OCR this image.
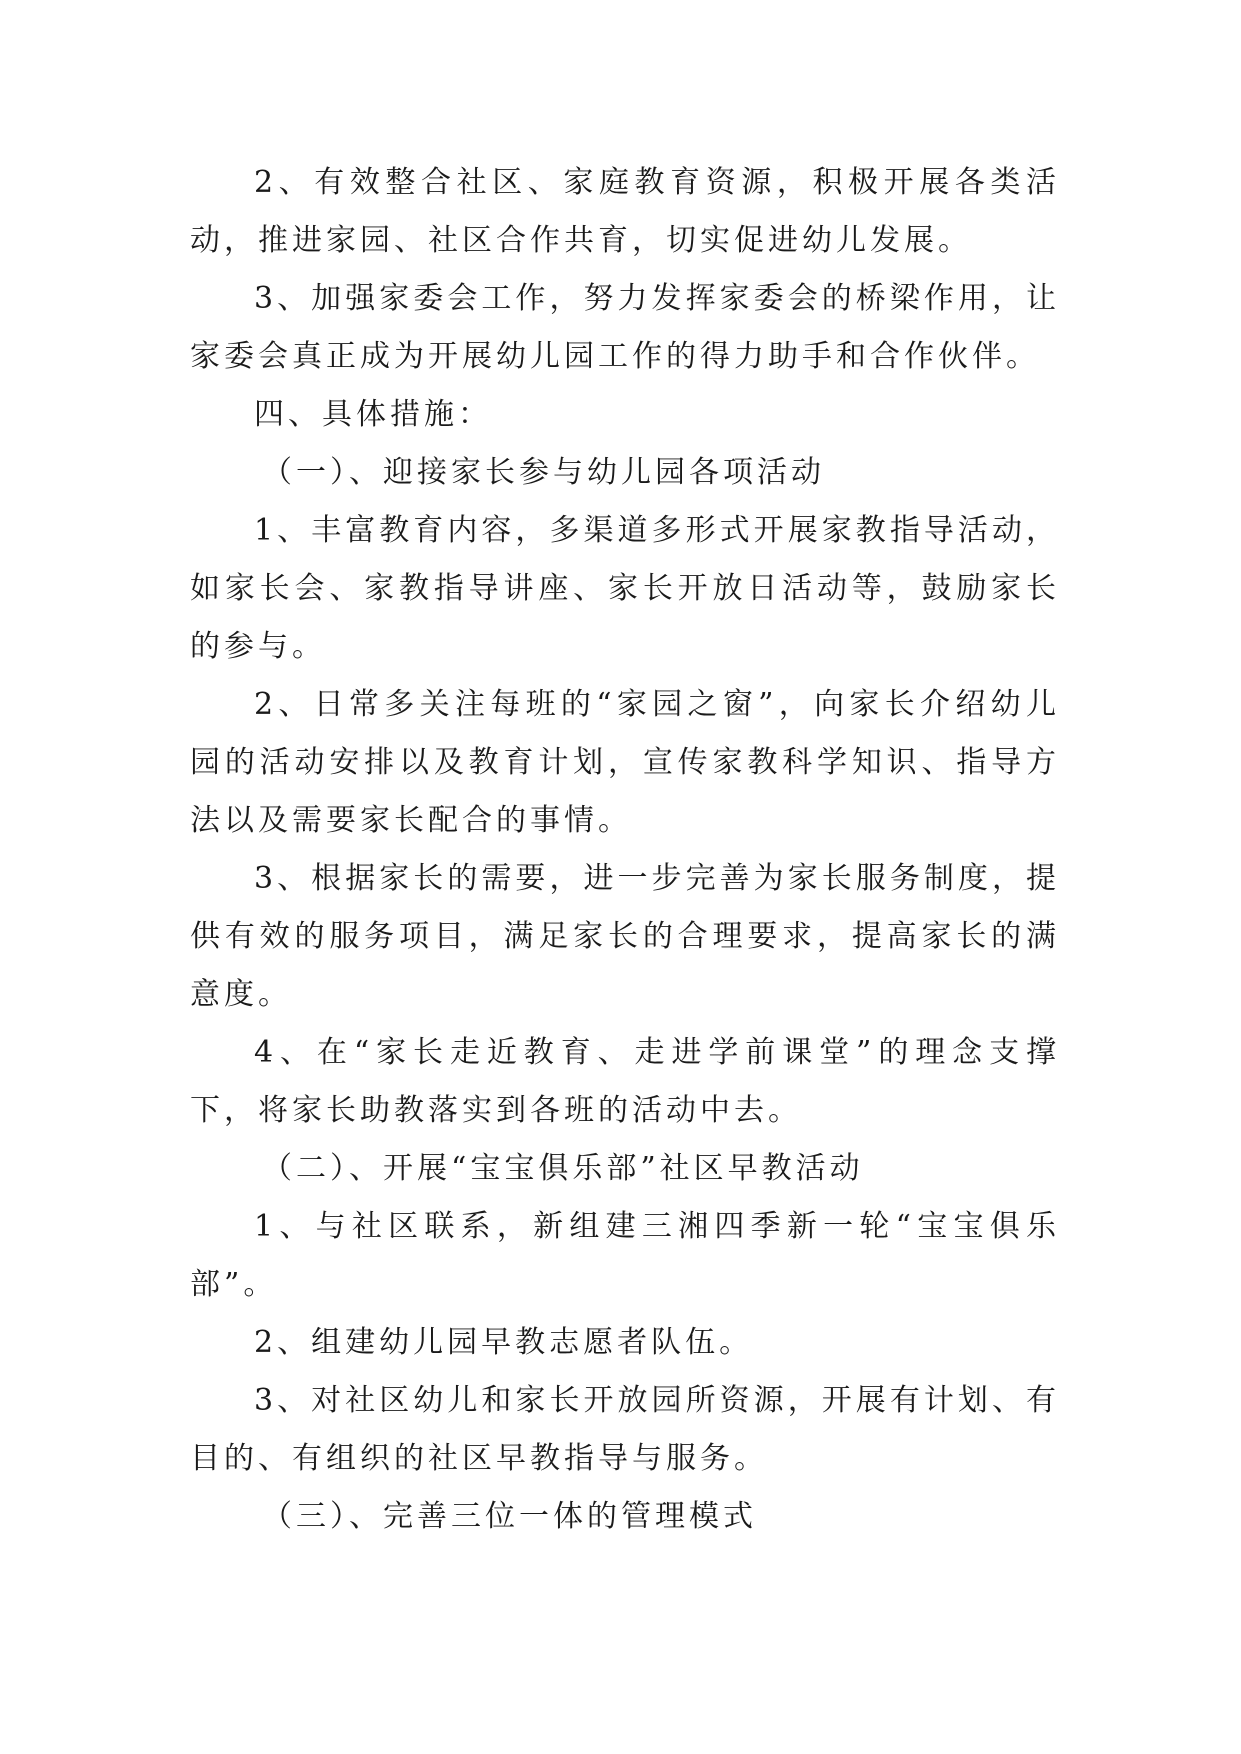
2、有效整合社区、家庭教育资源，积极开展各类活动，推进家园、社区合作共育，切实促进幼儿发展。

3、加强家委会工作，努力发挥家委会的桥梁作用，让家委会真正成为开展幼儿园工作的得力助手和合作伙伴。

四、具体措施：

（一）、迎接家长参与幼儿园各项活动

1、丰富教育内容，多渠道多形式开展家教指导活动，如家长会、家教指导讲座、家长开放日活动等，鼓励家长的参与。

2、日常多关注每班的“家园之窗”，向家长介绍幼儿园的活动安排以及教育计划，宣传家教科学知识、指导方法以及需要家长配合的事情。

3、根据家长的需要，进一步完善为家长服务制度，提供有效的服务项目，满足家长的合理要求，提高家长的满意度。

4、在“家长走近教育、走进学前课堂”的理念支撑下，将家长助教落实到各班的活动中去。

（二）、开展“宝宝俱乐部”社区早教活动

1、与社区联系，新组建三湘四季新一轮“宝宝俱乐部”。

2、组建幼儿园早教志愿者队伍。

3、对社区幼儿和家长开放园所资源，开展有计划、有目的、有组织的社区早教指导与服务。

（三）、完善三位一体的管理模式
